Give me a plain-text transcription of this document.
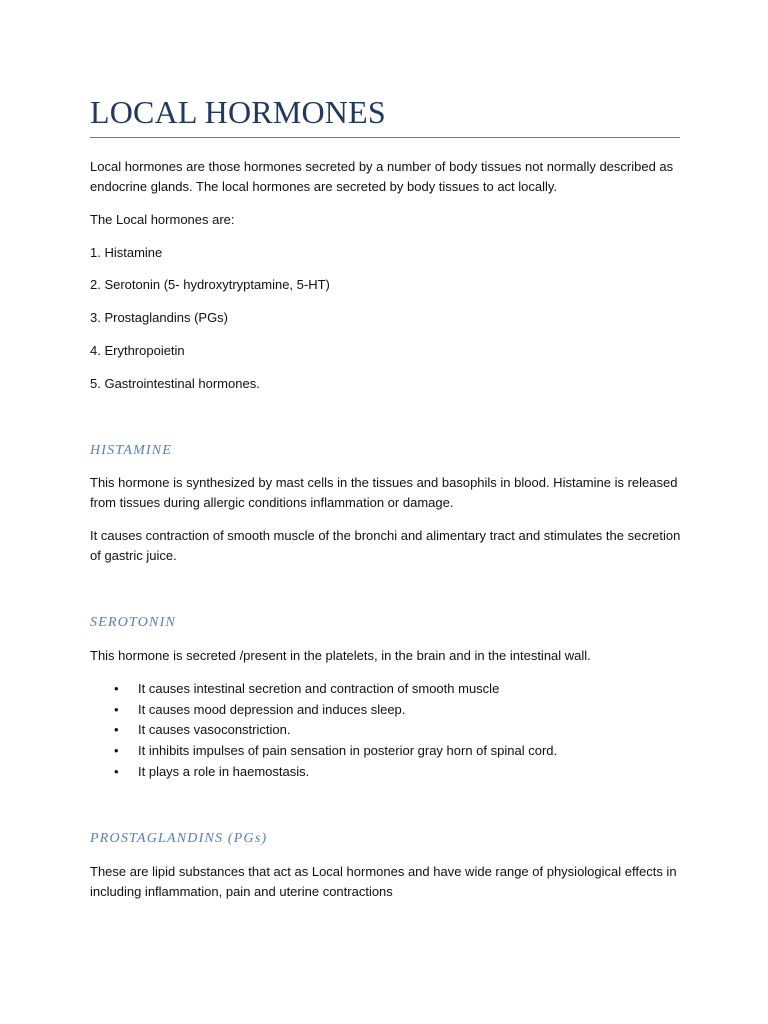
LOCAL HORMONES

Local hormones are those hormones secreted by a number of body tissues not normally described as endocrine glands. The local hormones are secreted by body tissues to act locally.

The Local hormones are:

1. Histamine

2. Serotonin (5- hydroxytryptamine, 5-HT)

3. Prostaglandins (PGs)

4. Erythropoietin

5. Gastrointestinal hormones.

HISTAMINE

This hormone is synthesized by mast cells in the tissues and basophils in blood. Histamine is released from tissues during allergic conditions inflammation or damage.

It causes contraction of smooth muscle of the bronchi and alimentary tract and stimulates the secretion of gastric juice.

SEROTONIN

This hormone is secreted /present in the platelets, in the brain and in the intestinal wall.

• It causes intestinal secretion and contraction of smooth muscle
• It causes mood depression and induces sleep.
• It causes vasoconstriction.
• It inhibits impulses of pain sensation in posterior gray horn of spinal cord.
• It plays a role in haemostasis.
PROSTAGLANDINS (PGs)

These are lipid substances that act as Local hormones and have wide range of physiological effects in including inflammation, pain and uterine contractions
